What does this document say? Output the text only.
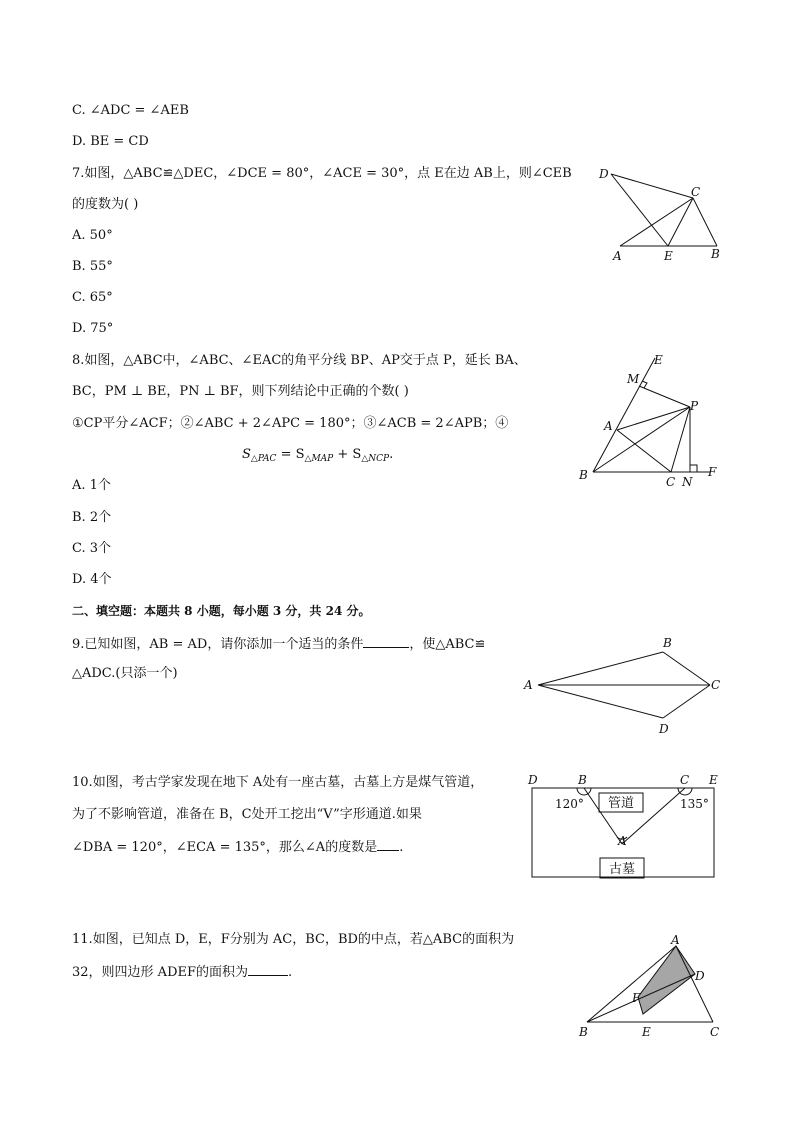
C. ∠ADC = ∠AEB
D. BE = CD
7.如图，△ABC≌△DEC，∠DCE = 80°，∠ACE = 30°，点 E在边 AB上，则∠CEB
的度数为( )
A. 50°
B. 55°
C. 65°
D. 75°
D
C
A	E	B
8.如图，△ABC中，∠ABC、∠EAC的角平分线 BP、AP交于点 P，延长 BA、
BC，PM ⊥ BE，PN ⊥ BF，则下列结论中正确的个数( )
①CP平分∠ACF；②∠ABC + 2∠APC = 180°；③∠ACB = 2∠APB；④
$S_{\triangle PAC} = S_{\triangle MAP} + S_{\triangle NCP}$.
A. 1个
B. 2个
C. 3个
D. 4个
E
M
P
A
B	C N
F
二、填空题：本题共 8 小题，每小题 3 分，共 24 分。
9.已知如图，AB = AD，请你添加一个适当的条件	，使△ABC≌
△ADC.(只添一个)
A
B
C
D
10.如图，考古学家发现在地下 A处有一座古墓，古墓上方是煤气管道，
为了不影响管道，准备在 B，C处开工挖出“V”字形通道.如果
∠DBA = 120°，∠ECA = 135°，那么∠A的度数是 .
D	B	C E
A
120°	135°
管道
古墓
11.如图，已知点 D，E，F分别为 AC，BC，BD的中点，若△ABC的面积为
32，则四边形 ADEF的面积为	.
A
D
F
B	E	C
